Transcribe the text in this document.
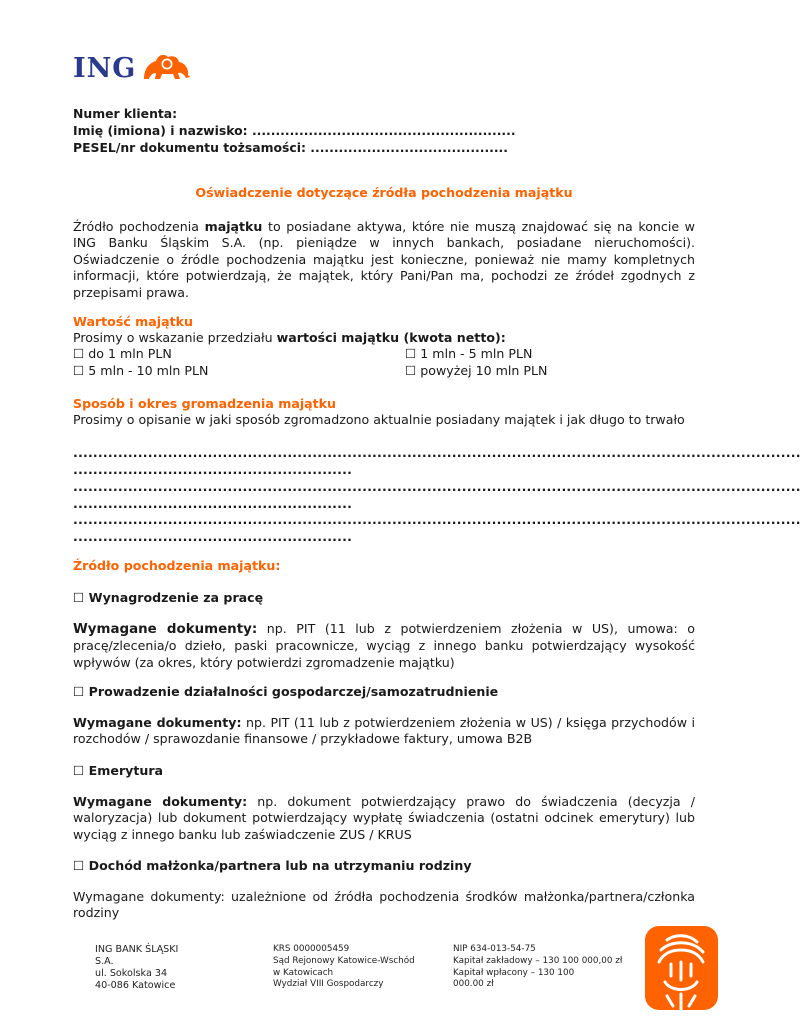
ING
Numer klienta:
Imię (imiona) i nazwisko: ........................................................
PESEL/nr dokumentu tożsamości: ..........................................
Oświadczenie dotyczące źródła pochodzenia majątku
Źródło pochodzenia majątku to posiadane aktywa, które nie muszą znajdować się na koncie w ING Banku Śląskim S.A. (np. pieniądze w innych bankach, posiadane nieruchomości). Oświadczenie o źródle pochodzenia majątku jest konieczne, ponieważ nie mamy kompletnych informacji, które potwierdzają, że majątek, który Pani/Pan ma, pochodzi ze źródeł zgodnych z przepisami prawa.
Wartość majątku
Prosimy o wskazanie przedziału wartości majątku (kwota netto):
☐ do 1 mln PLN	☐ 1 mln - 5 mln PLN
☐ 5 mln - 10 mln PLN	☐ powyżej 10 mln PLN
Sposób i okres gromadzenia majątku
Prosimy o opisanie w jaki sposób zgromadzono aktualnie posiadany majątek i jak długo to trwało
..................................................................................................................................................
........................................................
..................................................................................................................................................
........................................................
..................................................................................................................................................
........................................................
Źródło pochodzenia majątku:
☐ Wynagrodzenie za pracę
Wymagane dokumenty: np. PIT (11 lub z potwierdzeniem złożenia w US), umowa: o pracę/zlecenia/o dzieło, paski pracownicze, wyciąg z innego banku potwierdzający wysokość wpływów (za okres, który potwierdzi zgromadzenie majątku)
☐ Prowadzenie działalności gospodarczej/samozatrudnienie
Wymagane dokumenty: np. PIT (11 lub z potwierdzeniem złożenia w US) / księga przychodów i rozchodów / sprawozdanie finansowe / przykładowe faktury, umowa B2B
☐ Emerytura
Wymagane dokumenty: np. dokument potwierdzający prawo do świadczenia (decyzja / waloryzacja) lub dokument potwierdzający wypłatę świadczenia (ostatni odcinek emerytury) lub wyciąg z innego banku lub zaświadczenie ZUS / KRUS
☐ Dochód małżonka/partnera lub na utrzymaniu rodziny
Wymagane dokumenty: uzależnione od źródła pochodzenia środków małżonka/partnera/członka rodziny
ING BANK ŚLĄSKI
S.A.
ul. Sokolska 34
40-086 Katowice
KRS 0000005459
Sąd Rejonowy Katowice-Wschód
w Katowicach
Wydział VIII Gospodarczy
NIP 634-013-54-75
Kapitał zakładowy – 130 100 000,00 zł
Kapitał wpłacony – 130 100
000.00 zł
